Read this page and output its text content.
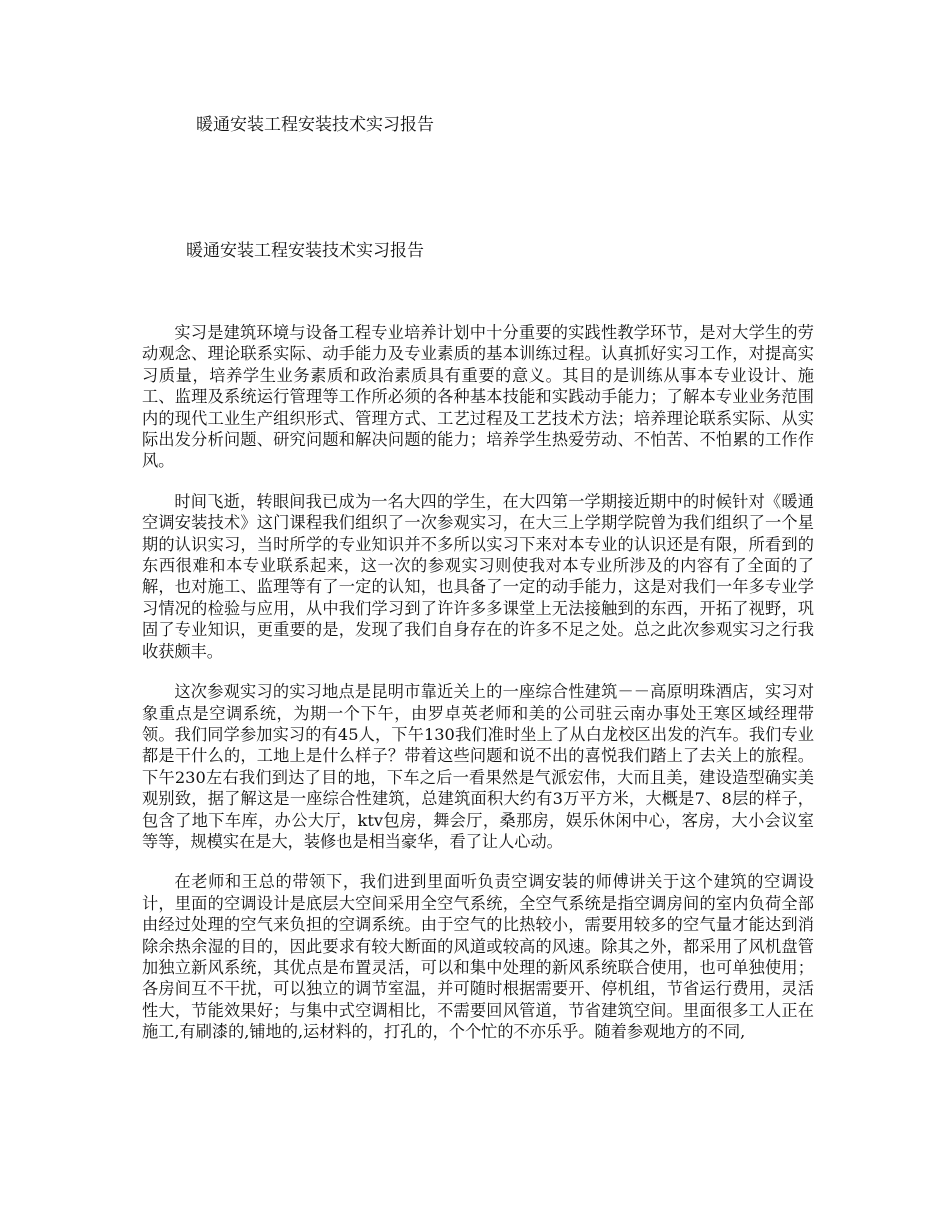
暖通安装工程安装技术实习报告
暖通安装工程安装技术实习报告

实习是建筑环境与设备工程专业培养计划中十分重要的实践性教学环节，是对大学生的劳动观念、理论联系实际、动手能力及专业素质的基本训练过程。认真抓好实习工作，对提高实习质量，培养学生业务素质和政治素质具有重要的意义。其目的是训练从事本专业设计、施工、监理及系统运行管理等工作所必须的各种基本技能和实践动手能力；了解本专业业务范围内的现代工业生产组织形式、管理方式、工艺过程及工艺技术方法；培养理论联系实际、从实际出发分析问题、研究问题和解决问题的能力；培养学生热爱劳动、不怕苦、不怕累的工作作风。

时间飞逝，转眼间我已成为一名大四的学生，在大四第一学期接近期中的时候针对《暖通空调安装技术》这门课程我们组织了一次参观实习，在大三上学期学院曾为我们组织了一个星期的认识实习，当时所学的专业知识并不多所以实习下来对本专业的认识还是有限，所看到的东西很难和本专业联系起来，这一次的参观实习则使我对本专业所涉及的内容有了全面的了解，也对施工、监理等有了一定的认知，也具备了一定的动手能力，这是对我们一年多专业学习情况的检验与应用，从中我们学习到了许许多多课堂上无法接触到的东西，开拓了视野，巩固了专业知识，更重要的是，发现了我们自身存在的许多不足之处。总之此次参观实习之行我收获颇丰。

这次参观实习的实习地点是昆明市靠近关上的一座综合性建筑－－高原明珠酒店，实习对象重点是空调系统，为期一个下午，由罗卓英老师和美的公司驻云南办事处王寒区域经理带领。我们同学参加实习的有45人，下午130我们准时坐上了从白龙校区出发的汽车。我们专业都是干什么的，工地上是什么样子？带着这些问题和说不出的喜悦我们踏上了去关上的旅程。下午230左右我们到达了目的地，下车之后一看果然是气派宏伟，大而且美，建设造型确实美观别致，据了解这是一座综合性建筑，总建筑面积大约有3万平方米，大概是7、8层的样子，包含了地下车库，办公大厅，ktv包房，舞会厅，桑那房，娱乐休闲中心，客房，大小会议室等等，规模实在是大，装修也是相当豪华，看了让人心动。

在老师和王总的带领下，我们进到里面听负责空调安装的师傅讲关于这个建筑的空调设计，里面的空调设计是底层大空间采用全空气系统，全空气系统是指空调房间的室内负荷全部由经过处理的空气来负担的空调系统。由于空气的比热较小，需要用较多的空气量才能达到消除余热余湿的目的，因此要求有较大断面的风道或较高的风速。除其之外，都采用了风机盘管加独立新风系统，其优点是布置灵活，可以和集中处理的新风系统联合使用，也可单独使用；各房间互不干扰，可以独立的调节室温，并可随时根据需要开、停机组，节省运行费用，灵活性大，节能效果好；与集中式空调相比，不需要回风管道，节省建筑空间。里面很多工人正在施工,有刷漆的,铺地的,运材料的，打孔的，个个忙的不亦乐乎。随着参观地方的不同,
